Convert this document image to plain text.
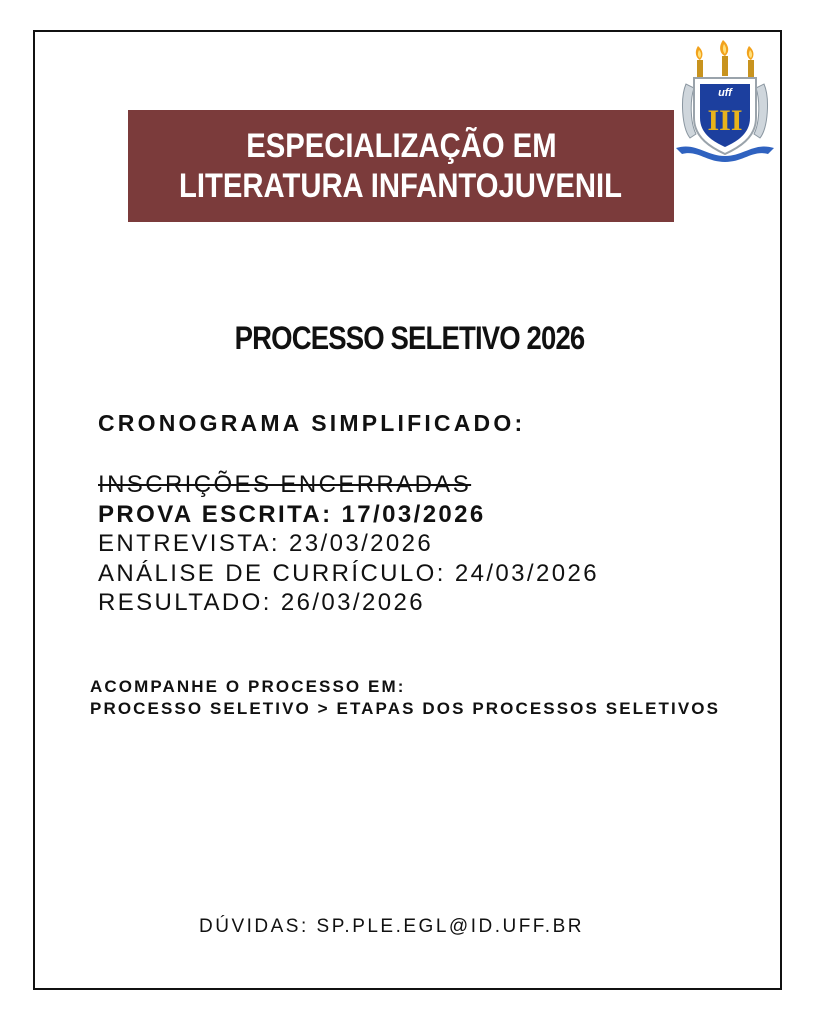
ESPECIALIZAÇÃO EM
LITERATURA INFANTOJUVENIL
uff
III
PROCESSO SELETIVO 2026
CRONOGRAMA SIMPLIFICADO:
INSCRIÇÕES ENCERRADAS
PROVA ESCRITA: 17/03/2026
ENTREVISTA: 23/03/2026
ANÁLISE DE CURRÍCULO: 24/03/2026
RESULTADO: 26/03/2026
ACOMPANHE O PROCESSO EM:
PROCESSO SELETIVO > ETAPAS DOS PROCESSOS SELETIVOS
DÚVIDAS: SP.PLE.EGL@ID.UFF.BR
